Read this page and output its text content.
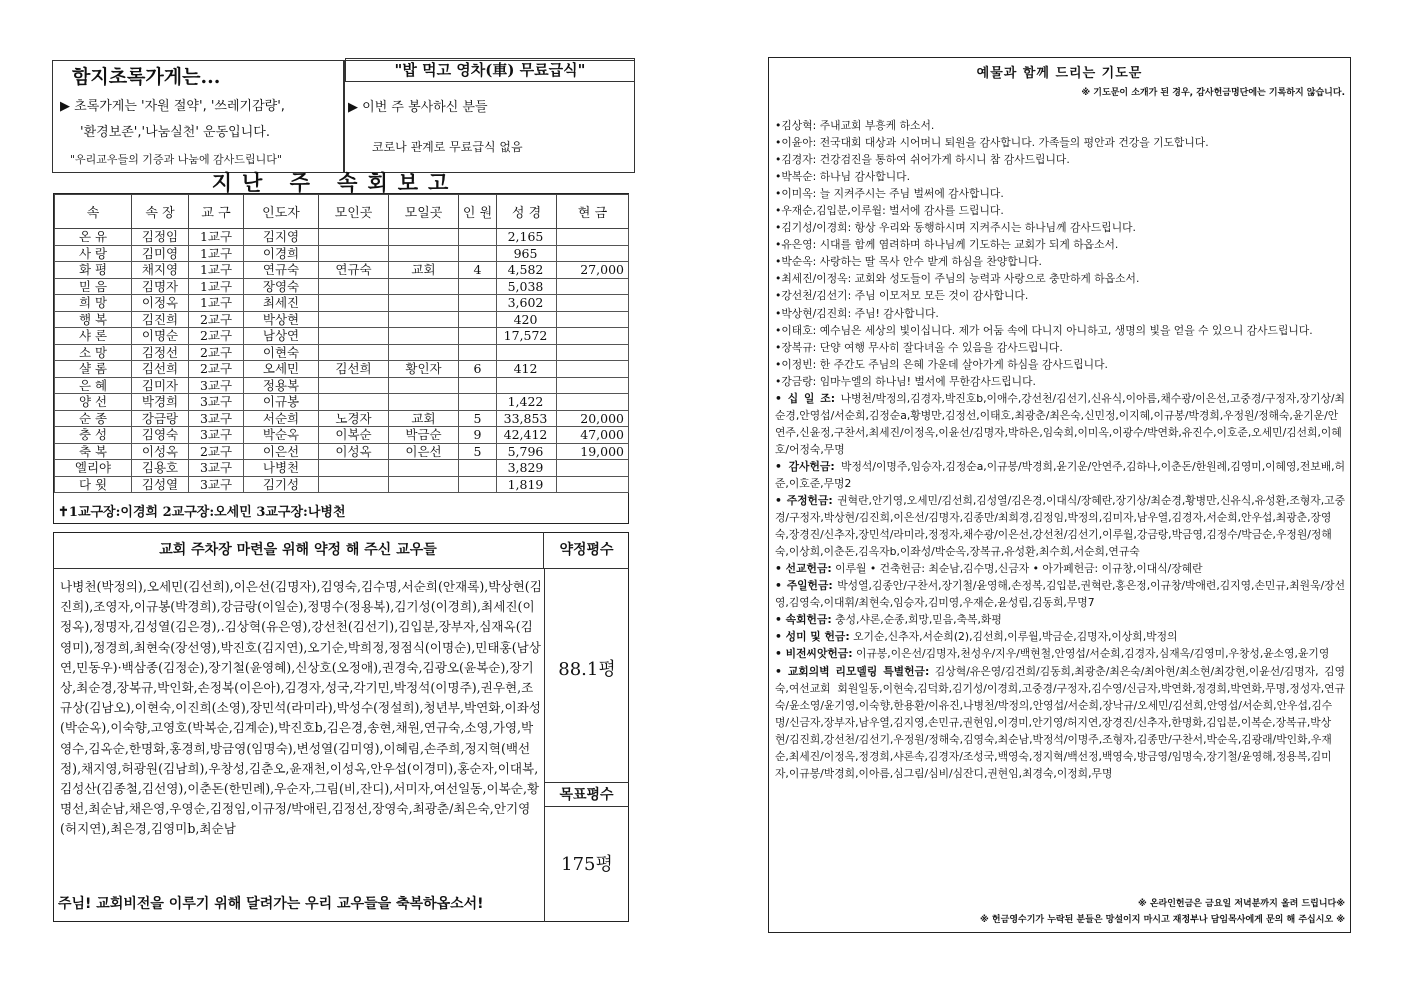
함지초록가게는...
▶ 초록가게는 '자원 절약', '쓰레기감량',
'환경보존','나눔실천' 운동입니다.
"우리교우들의 기증과 나눔에 감사드립니다"
"밥 먹고 영차(車) 무료급식"
▶ 이번 주 봉사하신 분들
코로나 관계로 무료급식 없음
지난 주 속회보고
속	속 장	교 구	인도자	모인곳	모일곳	인 원	성 경	현 금
온 유	김정임	1교구	김지영				2,165	
사 랑	김미영	1교구	이경희				965	
화 평	채지영	1교구	연규숙	연규숙	교회	4	4,582	27,000
믿 음	김명자	1교구	장영숙				5,038	
희 망	이정옥	1교구	최세진				3,602	
행 복	김진희	2교구	박상현				420	
샤 론	이명순	2교구	남상연				17,572	
소 망	김정선	2교구	이현숙					
샬 롬	김선희	2교구	오세민	김선희	황인자	6	412	
은 혜	김미자	3교구	정용복					
양 선	박경희	3교구	이규봉				1,422	
순 종	강금랑	3교구	서순희	노경자	교회	5	33,853	20,000
충 성	김영숙	3교구	박순옥	이복순	박금순	9	42,412	47,000
축 복	이성옥	2교구	이은선	이성옥	이은선	5	5,796	19,000
엘리야	김용호	3교구	나병천				3,829	
다 윗	김성열	3교구	김기성				1,819	
✝1교구장:이경희 2교구장:오세민 3교구장:나병천
교회 주차장 마련을 위해 약정 해 주신 교우들	약정평수
나병천(박정의),오세민(김선희),이은선(김명자),김영숙,김수명,서순희(안재록),박상현(김진희),조영자,이규봉(박경희),강금랑(이일순),정명수(정용복),김기성(이경희),최세진(이정옥),정명자,김성열(김은경),.김상혁(유은영),강선천(김선기),김입분,장부자,심재옥(김영미),정경희,최현숙(장선영),박진호(김지연),오기순,박희정,정점식(이명순),민태홍(남상연,민동우)·백삼종(김정순),장기철(윤영혜),신상호(오정애),권경숙,김광오(윤복순),장기상,최순경,장복규,박인화,손정복(이은아),김경자,성국,각기민,박정석(이명주),권우현,조규상(김남오),이현숙,이진희(소영),장민석(라미라),박성수(정설희),청년부,박연화,이좌성(박순옥),이숙향,고영호(박복순,김계순),박진호b,김은경,송현,채원,연규숙,소영,가영,박영수,김옥순,한명화,홍경희,방금영(임명숙),변성열(김미영),이혜림,손주희,정지혁(백선정),채지영,허광원(김남희),우창성,김춘오,윤재천,이성옥,안우섭(이경미),홍순자,이대복,김성산(김종철,김선영),이춘돈(한민례),우순자,그림(비,잔디),서미자,여선일동,이복순,황명선,최순남,채은영,우영순,김정임,이규정/박애린,김정선,장영숙,최광춘/최은숙,안기영(허지연),최은경,김영미b,최순남
88.1평
목표평수
175평
주님! 교회비전을 이루기 위해 달려가는 우리 교우들을 축복하옵소서!
예물과 함께 드리는 기도문
※ 기도문이 소개가 된 경우, 감사헌금명단에는 기록하지 않습니다.

•김상혁: 주내교회 부흥케 하소서.

•이윤아: 전국대회 대상과 시어머니 퇴원을 감사합니다. 가족들의 평안과 건강을 기도합니다.

•김경자: 건강검진을 통하여 쉬어가게 하시니 참 감사드립니다.

•박복순: 하나님 감사합니다.

•이미옥: 늘 지켜주시는 주님 벌써에 감사합니다.

•우재순,김입분,이루월: 벌서에 감사를 드립니다.

•김기성/이경희: 항상 우리와 동행하시며 지켜주시는 하나님께 감사드립니다.

•유은영: 시대를 함께 염려하며 하나님께 기도하는 교회가 되게 하옵소서.

•박순옥: 사랑하는 딸 목사 안수 받게 하심을 찬양합니다.

•최세진/이정옥: 교회와 성도들이 주님의 능력과 사랑으로 충만하게 하옵소서.

•강선천/김선기: 주님 이모저모 모든 것이 감사합니다.

•박상현/김진희: 주님! 감사합니다.

•이태호: 예수님은 세상의 빛이십니다. 제가 어둠 속에 다니지 아니하고, 생명의 빛을 얻을 수 있으니 감사드립니다.

•장복규: 단양 여행 무사히 잘다녀올 수 있음을 감사드립니다.

•이정빈: 한 주간도 주님의 은혜 가운데 살아가게 하심을 감사드립니다.

•강금랑: 임마누엘의 하나님! 벌서에 무한감사드립니다.

• 십 일 조: 나병천/박정의,김경자,박진호b,이애수,강선천/김선기,신유식,이아름,채수광/이은선,고중경/구정자,장기상/최순경,안영섭/서순희,김정순a,황병만,김정선,이태호,최광춘/최은숙,신민정,이지혜,이규봉/박경희,우정원/정해숙,윤기운/안연주,신윤정,구찬서,최세진/이정옥,이윤선/김명자,박하은,임숙희,이미옥,이광수/박연화,유진수,이호준,오세민/김선희,이혜호/어정숙,무명

• 감사헌금: 박정석/이명주,임승자,김정순a,이규봉/박경희,윤기운/안연주,김하나,이춘돈/한원례,김영미,이혜영,전보배,허준,이호준,무명2

• 주정헌금: 권혁란,안기영,오세민/김선희,김성열/김은경,이대식/장혜란,장기상/최순경,황병만,신유식,유성환,조형자,고중경/구정자,박상현/김진희,이은선/김명자,김종만/최희경,김정임,박정의,김미자,남우열,김경자,서순희,안우섭,최광춘,장영숙,장경진/신추자,장민석/라미라,정정자,채수광/이은선,강선천/김선기,이루월,강금랑,박금영,김정수/박금순,우정원/정해숙,이상희,이춘돈,김옥자b,이좌성/박순옥,장복규,유성환,최수희,서순희,연규숙

• 선교헌금: 이루월 • 건축헌금: 최순남,김수명,신금자 • 아가페헌금: 이규창,이대식/장혜란

• 주일헌금: 박성열,김종안/구찬서,장기철/윤영해,손정복,김입분,권혁란,홍은정,이규창/박애련,김지영,손민규,최원욱/장선영,김영숙,이대휘/최현숙,임승자,김미영,우재순,윤성림,김동희,무명7

• 속회헌금: 충성,샤론,순종,희망,믿음,축복,화평

• 성미 및 헌금: 오기순,신추자,서순희(2),김선희,이루월,박금순,김명자,이상희,박정의

• 비전씨앗헌금: 이규봉,이은선/김명자,천성우/지우/백현철,안영섭/서순희,김경자,심재옥/김영미,우창성,윤소영,윤기영

• 교회의벽 리모델링 특별헌금: 김상혁/유은영/김건희/김동희,최광춘/최은숙/최아현/최소현/최강현,이윤선/김명자, 김영숙,여선교회 회원일동,이현숙,김덕화,김기성/이경희,고중경/구정자,김수영/신금자,박연화,정경희,박연화,무명,정성자,연규숙/윤소영/윤기영,이숙향,한용환/이유진,나병천/박정의,안영섭/서순희,장낙규/오세민/김선희,안영섭/서순희,안우섭,김수명/신금자,장부자,남우열,김지영,손민규,권현임,이경미,안기영/허지연,장경진/신추자,한명화,김입분,이복순,장복규,박상현/김진희,강선천/김선기,우정원/정해숙,김영숙,최순남,박정석/이명주,조형자,김종만/구찬서,박순옥,김광래/박인화,우재순,최세진/이정옥,정경희,샤론속,김경자/조성국,백영숙,정지혁/백선정,백영숙,방금영/임명숙,장기철/윤영해,정용복,김미자,이규봉/박경희,이아름,심그림/심비/심잔디,권현임,최경숙,이정희,무명

※ 온라인헌금은 금요일 저녁분까지 올려 드립니다※
※ 헌금영수기가 누락된 분들은 망설이지 마시고 재정부나 담임목사에게 문의 해 주십시오 ※
